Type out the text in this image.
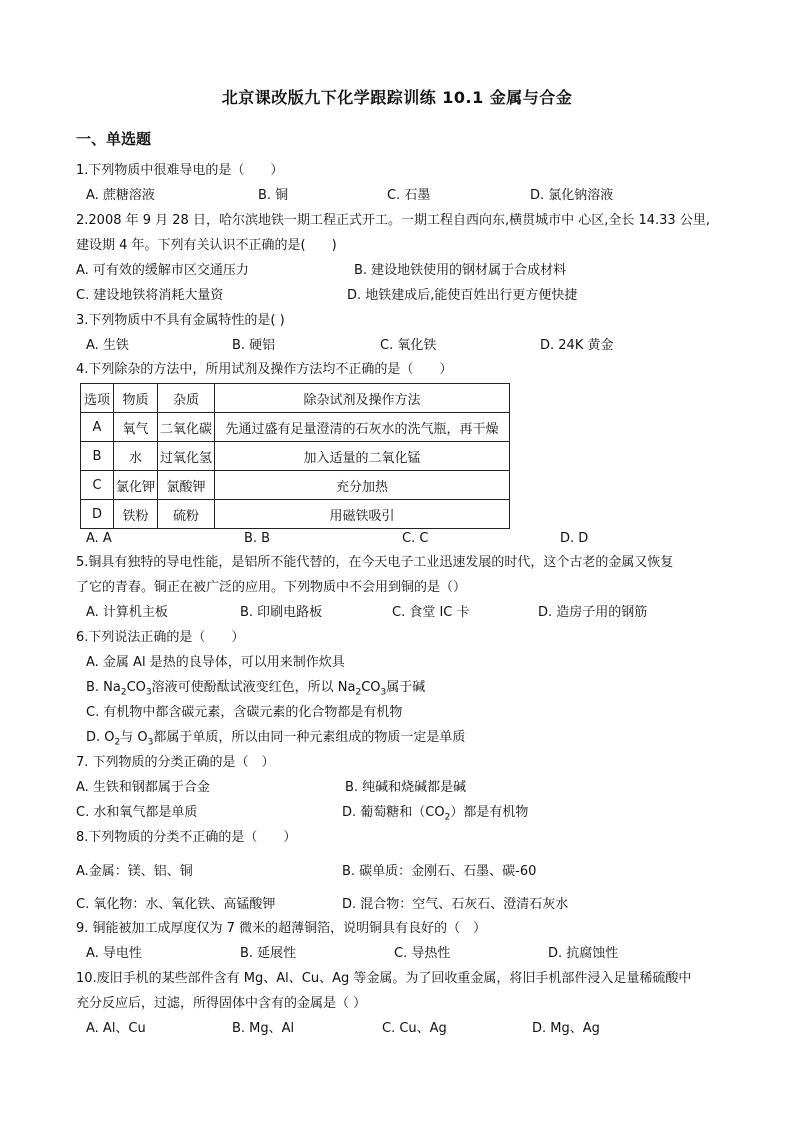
北京课改版九下化学跟踪训练 10.1 金属与合金
一、单选题
1.下列物质中很难导电的是（　　）
A. 蔗糖溶液	B. 铜	C. 石墨	D. 氯化钠溶液
2.2008 年 9 月 28 日，哈尔滨地铁一期工程正式开工。一期工程自西向东,横贯城市中 心区,全长 14.33 公里,
建设期 4 年。下列有关认识不正确的是(　　)
A. 可有效的缓解市区交通压力	B. 建设地铁使用的钢材属于合成材料
C. 建设地铁将消耗大量资	D. 地铁建成后,能使百姓出行更方便快捷
3.下列物质中不具有金属特性的是( )
A. 生铁	B. 硬铝	C. 氧化铁	D. 24K 黄金
4.下列除杂的方法中，所用试剂及操作方法均不正确的是（　　）
选项	物质	杂质	除杂试剂及操作方法
A	氧气	二氧化碳	先通过盛有足量澄清的石灰水的洗气瓶，再干燥
B	水	过氧化氢	加入适量的二氧化锰
C	氯化钾	氯酸钾	充分加热
D	铁粉	硫粉	用磁铁吸引
A. A	B. B	C. C	D. D
5.铜具有独特的导电性能，是铝所不能代替的，在今天电子工业迅速发展的时代，这个古老的金属又恢复
了它的青春。铜正在被广泛的应用。下列物质中不会用到铜的是（）
A. 计算机主板	B. 印刷电路板	C. 食堂 IC 卡	D. 造房子用的钢筋
6.下列说法正确的是（　　）
A. 金属 Al 是热的良导体，可以用来制作炊具
B. $Na_2CO_3$溶液可使酚酞试液变红色，所以 $Na_2CO_3$属于碱
C. 有机物中都含碳元素，含碳元素的化合物都是有机物
D. $O_2$与 $O_3$都属于单质，所以由同一种元素组成的物质一定是单质
7. 下列物质的分类正确的是（　）
A. 生铁和钢都属于合金	B. 纯碱和烧碱都是碱
C. 水和氧气都是单质	D. 葡萄糖和$(CO_2)$都是有机物
8.下列物质的分类不正确的是（　　）
A.金属：镁、铝、铜	B. 碳单质：金刚石、石墨、碳-60
C. 氧化物：水、氧化铁、高锰酸钾	D. 混合物：空气、石灰石、澄清石灰水
9. 铜能被加工成厚度仅为 7 微米的超薄铜箔，说明铜具有良好的（　）
A. 导电性	B. 延展性	C. 导热性	D. 抗腐蚀性
10.废旧手机的某些部件含有 Mg、Al、Cu、Ag 等金属。为了回收重金属，将旧手机部件浸入足量稀硫酸中
充分反应后，过滤，所得固体中含有的金属是（ ）
A. Al、Cu	B. Mg、Al	C. Cu、Ag	D. Mg、Ag
